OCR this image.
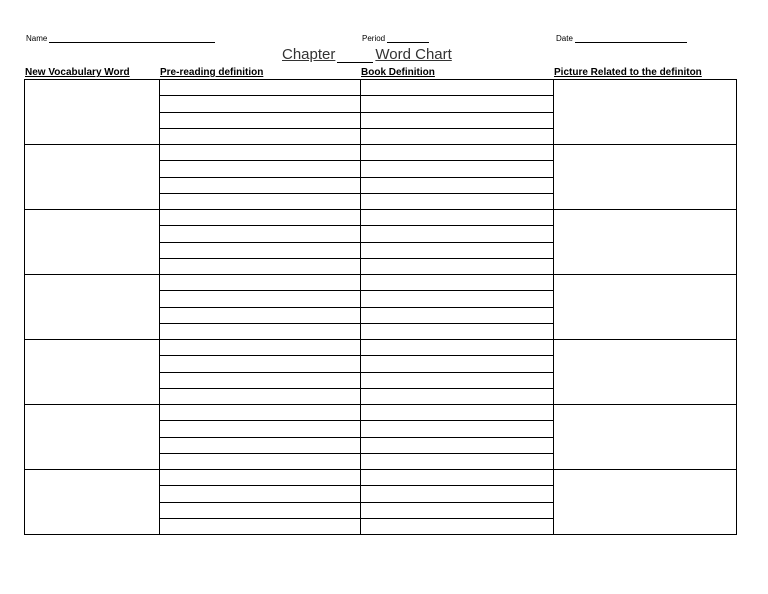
Name	Period	Date
Chapter	Word Chart
New Vocabulary Word	Pre-reading definition	Book Definition	Picture Related to the definiton
